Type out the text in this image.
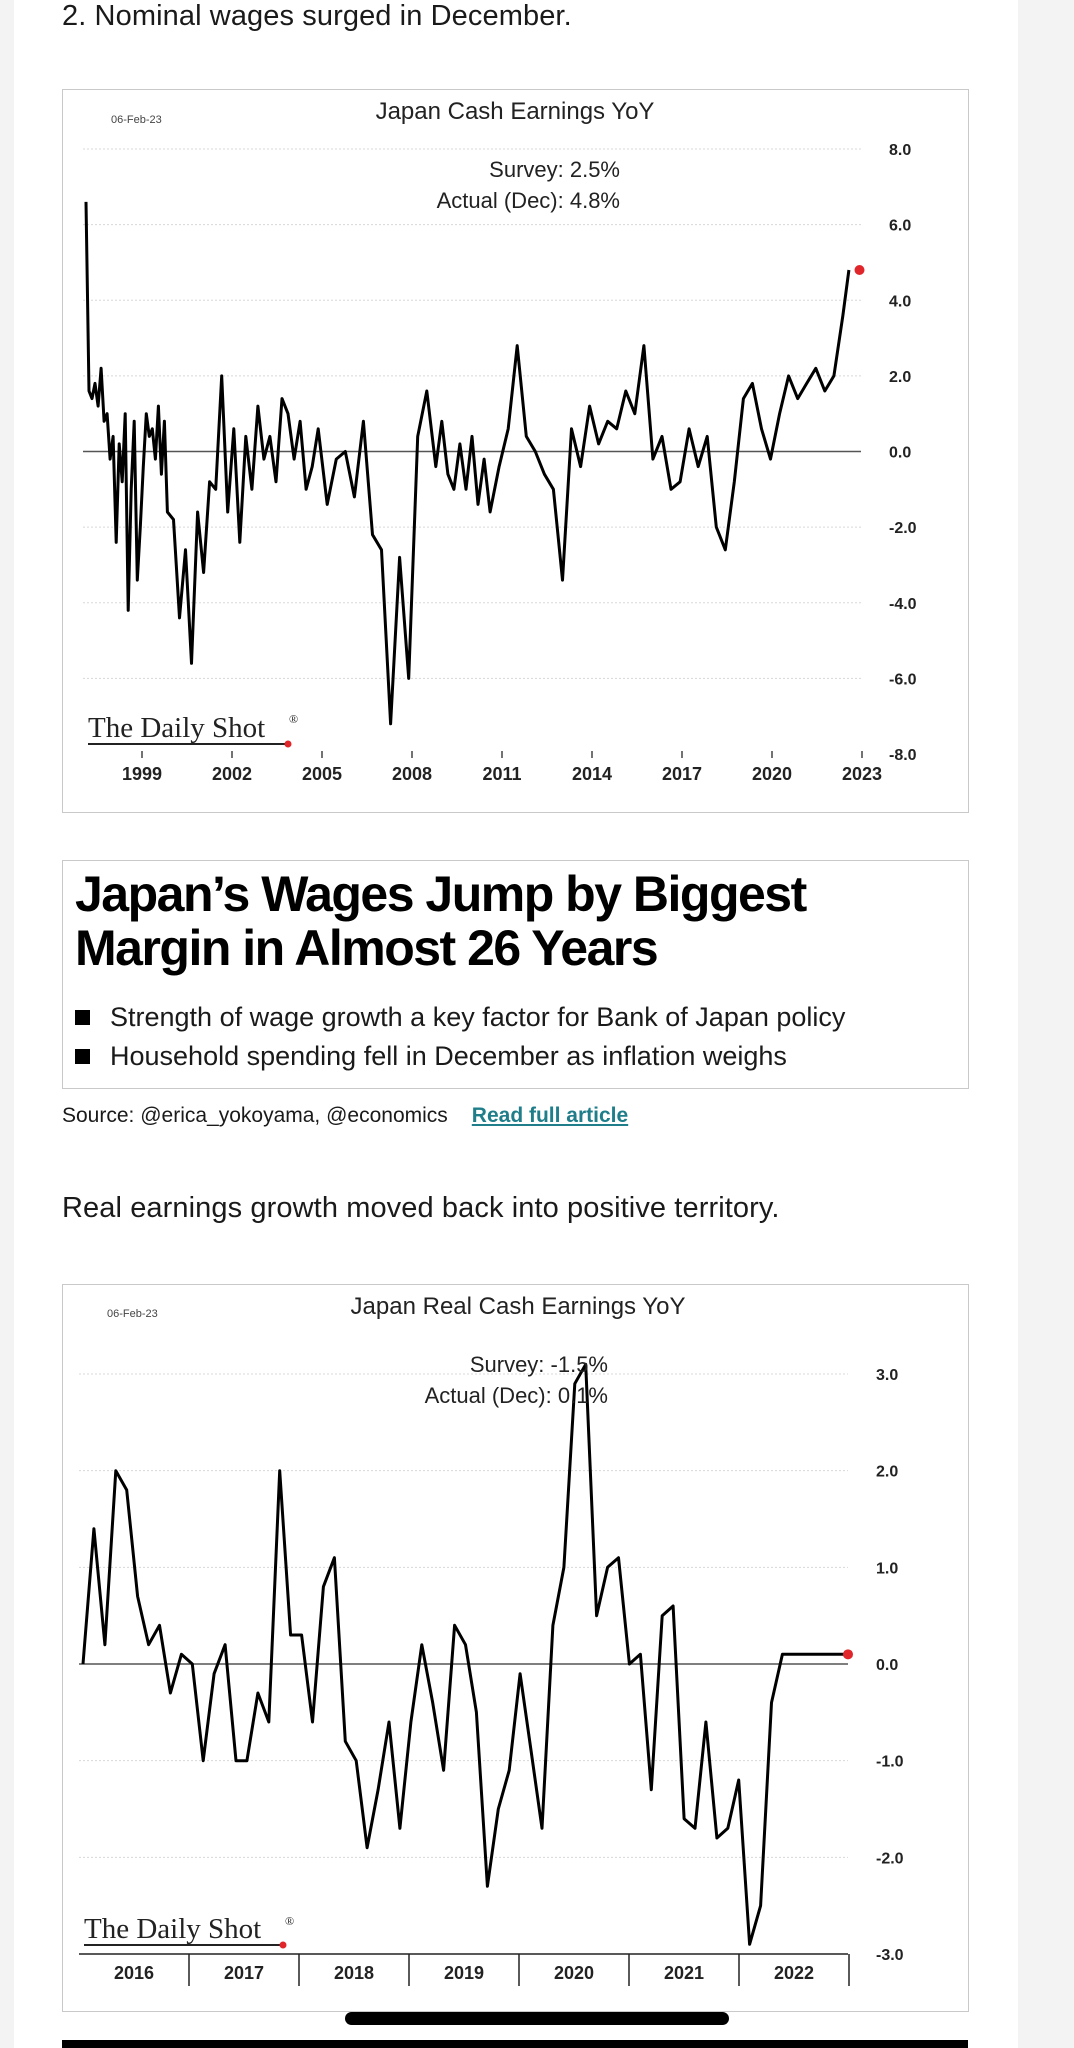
2. Nominal wages surged in December.

8.0
6.0
4.0
2.0
0.0
-2.0
-4.0
-6.0
-8.0
1999	2002	2005	2008	2011	2014	2017	2020	2023
06-Feb-23	Japan Cash Earnings YoY
Survey: 2.5%
Actual (Dec): 4.8%
The Daily Shot ®

Japan’s Wages Jump by Biggest Margin in Almost 26 Years

Strength of wage growth a key factor for Bank of Japan policy
Household spending fell in December as inflation weighs
Source: @erica_yokoyama, @economics Read full article

Real earnings growth moved back into positive territory.

3.0
2.0
1.0
0.0
-1.0
-2.0
-3.0
2016	2017	2018	2019	2020	2021	2022
06-Feb-23	Japan Real Cash Earnings YoY
Survey: -1.5%
Actual (Dec): 0.1%
The Daily Shot ®
